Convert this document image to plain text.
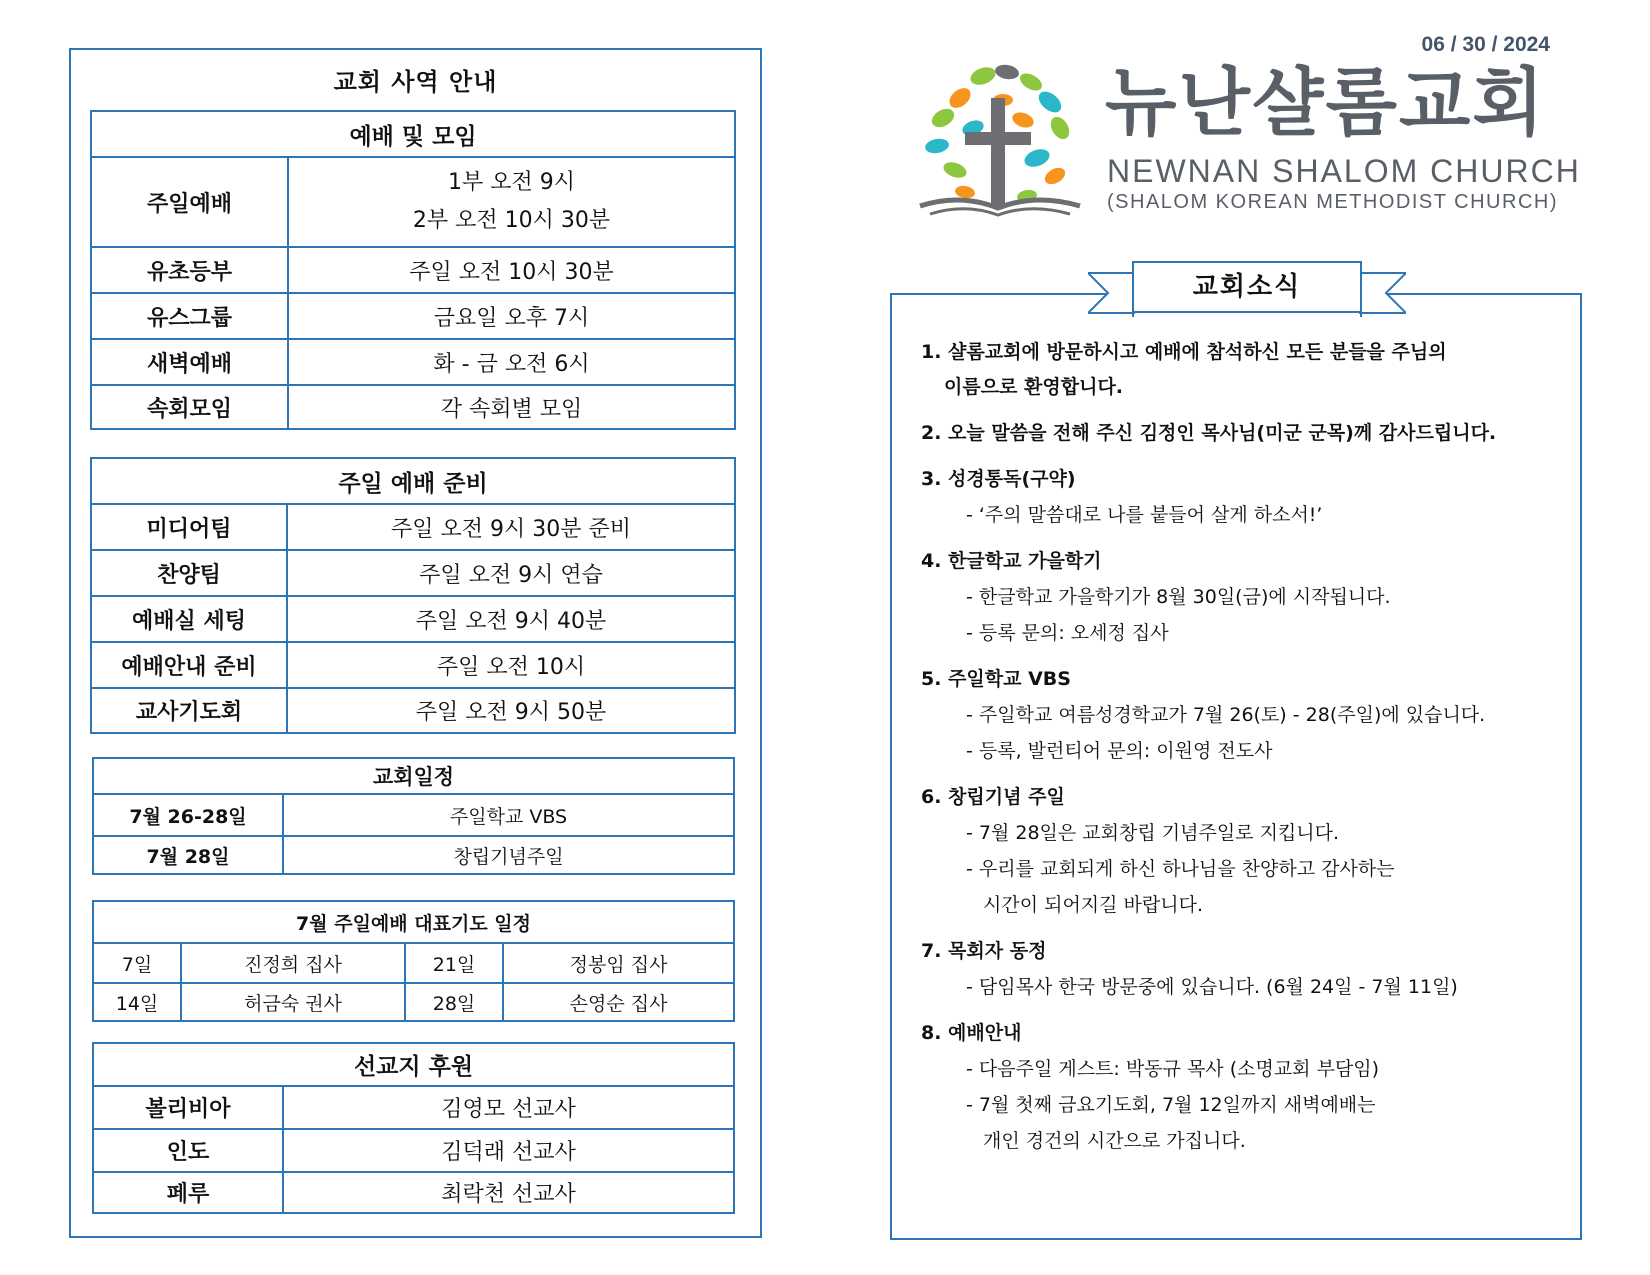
교회 사역 안내
예배 및 모임	
주일예배	1부 오전 9시
2부 오전 10시 30분

유초등부	주일 오전 10시 30분
유스그룹	금요일 오후 7시
새벽예배	화 - 금 오전 6시
속회모임	각 속회별 모임
주일 예배 준비	
미디어팀	주일 오전 9시 30분 준비
찬양팀	주일 오전 9시 연습
예배실 세팅	주일 오전 9시 40분
예배안내 준비	주일 오전 10시
교사기도회	주일 오전 9시 50분
교회일정	
7월 26-28일	주일학교 VBS
7월 28일	창립기념주일
7월 주일예배 대표기도 일정			
7일	진정희 집사	21일	정봉임 집사
14일	허금숙 권사	28일	손영순 집사
선교지 후원	
볼리비아	김영모 선교사
인도	김덕래 선교사
페루	최락천 선교사
06 / 30 / 2024
뉴난샬롬교회
NEWNAN SHALOM CHURCH
(SHALOM KOREAN METHODIST CHURCH)
교회소식
1. 샬롬교회에 방문하시고 예배에 참석하신 모든 분들을 주님의
이름으로 환영합니다.
2. 오늘 말씀을 전해 주신 김정인 목사님(미군 군목)께 감사드립니다.
3. 성경통독(구약)
- ‘주의 말씀대로 나를 붙들어 살게 하소서!’
4. 한글학교 가을학기
- 한글학교 가을학기가 8월 30일(금)에 시작됩니다.
- 등록 문의: 오세정 집사
5. 주일학교 VBS
- 주일학교 여름성경학교가 7월 26(토) - 28(주일)에 있습니다.
- 등록, 발런티어 문의: 이원영 전도사
6. 창립기념 주일
- 7월 28일은 교회창립 기념주일로 지킵니다.
- 우리를 교회되게 하신 하나님을 찬양하고 감사하는
시간이 되어지길 바랍니다.
7. 목회자 동정
- 담임목사 한국 방문중에 있습니다. (6월 24일 - 7월 11일)
8. 예배안내
- 다음주일 게스트: 박동규 목사 (소명교회 부담임)
- 7월 첫째 금요기도회, 7월 12일까지 새벽예배는
개인 경건의 시간으로 가집니다.
